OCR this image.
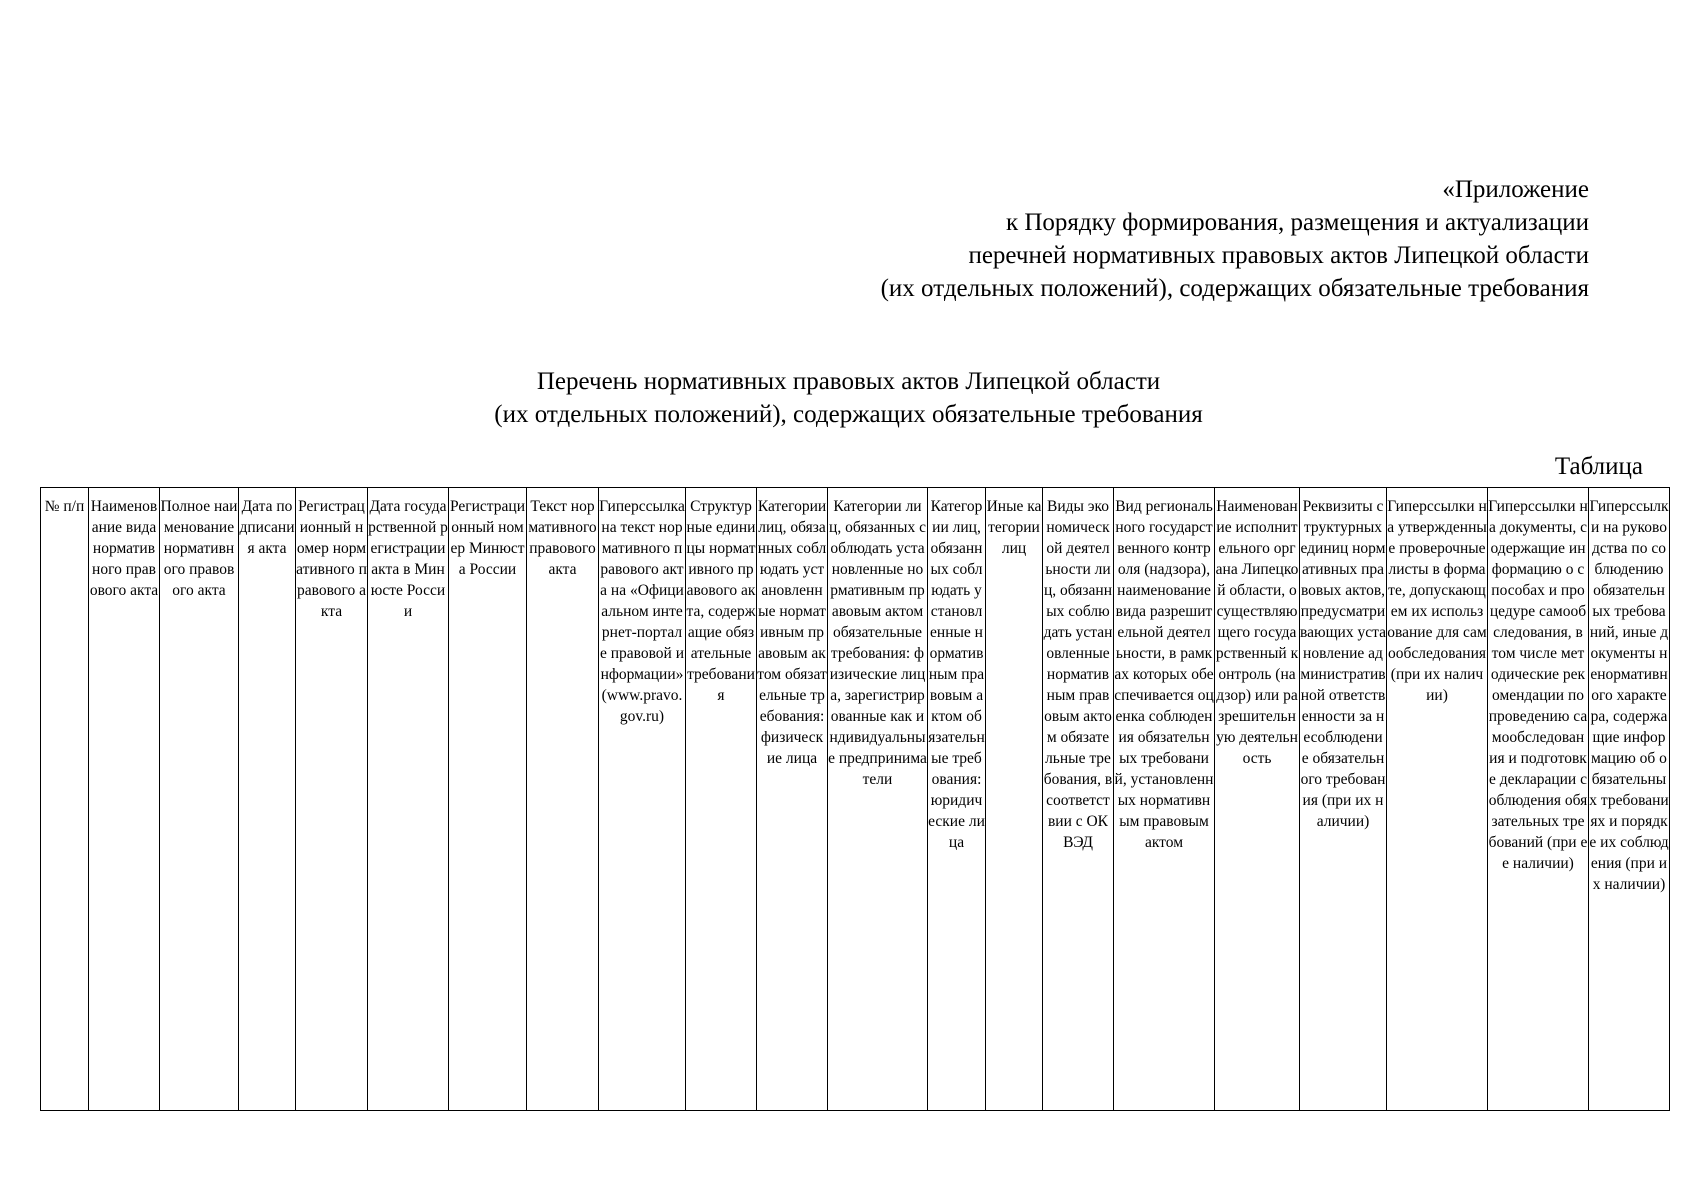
«Приложение
к Порядку формирования, размещения и актуализации
перечней нормативных правовых актов Липецкой области
(их отдельных положений), содержащих обязательные требования
Перечень нормативных правовых актов Липецкой области
(их отдельных положений), содержащих обязательные требования
Таблица
№ п/п	Наименование вида нормативного правового акта	Полное наименование нормативного правового акта	Дата подписания акта	Регистрационный номер нормативного правового акта	Дата государственной регистрации акта в Минюсте России	Регистрационный номер Минюста России	Текст нормативного правового акта	Гиперссылка на текст нормативного правового акта на «Официальном интернет-портале правовой информации» (www.pravo.gov.ru)	Структурные единицы нормативного правового акта, содержащие обязательные требования	Категории лиц, обязанных соблюдать установленные нормативным правовым актом обязательные требования: физические лица	Категории лиц, обязанных соблюдать установленные нормативным правовым актом обязательные требования: физические лица, зарегистрированные как индивидуальные предприниматели	Категории лиц, обязанных соблюдать установленные нормативным правовым актом обязательные требования: юридические лица	Иные категории лиц	Виды экономической деятельности лиц, обязанных соблюдать установленные нормативным правовым актом обязательные требования, в соответствии с ОКВЭД	Вид регионального государственного контроля (надзора), наименование вида разрешительной деятельности, в рамках которых обеспечивается оценка соблюдения обязательных требований, установленных нормативным правовым актом	Наименование исполнительного органа Липецкой области, осуществляющего государственный контроль (надзор) или разрешительную деятельность	Реквизиты структурных единиц нормативных правовых актов, предусматривающих установление административной ответственности за несоблюдение обязательного требования (при их наличии)	Гиперссылки на утвержденные проверочные листы в формате, допускающем их использование для самообследования (при их наличии)	Гиперссылки на документы, содержащие информацию о способах и процедуре самообследования, в том числе методические рекомендации по проведению самообследования и подготовке декларации соблюдения обязательных требований (при ее наличии)	Гиперссылки на руководства по соблюдению обязательных требований, иные документы ненормативного характера, содержащие информацию об обязательных требованиях и порядке их соблюдения (при их наличии)
